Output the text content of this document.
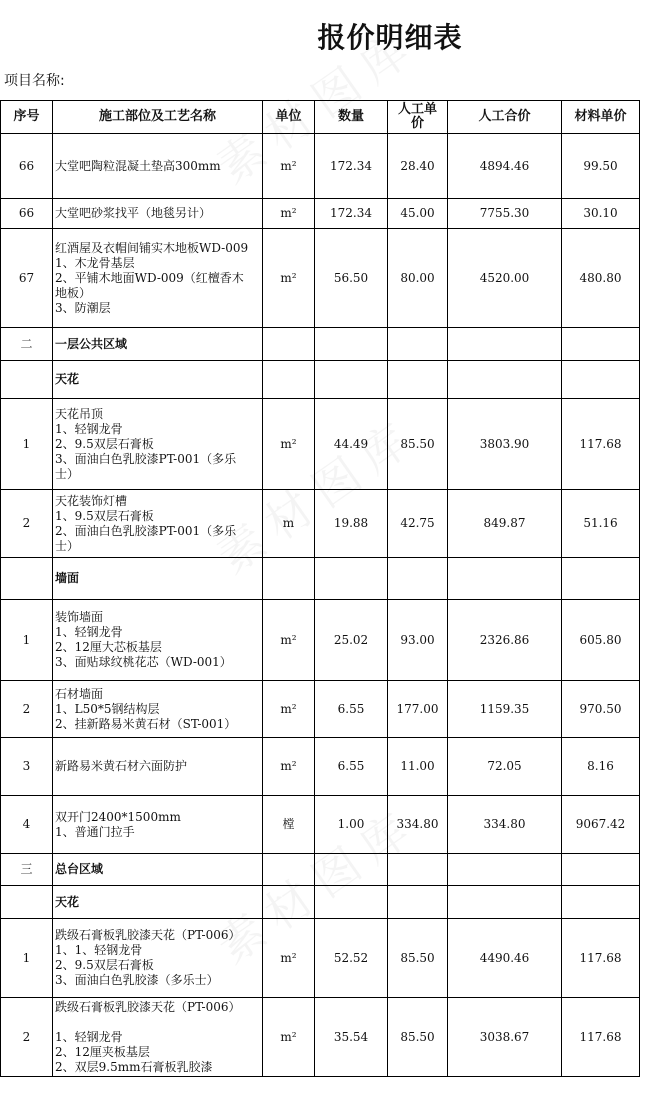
报价明细表
项目名称:
序号	施工部位及工艺名称	单位	数量	人工单价	人工合价	材料单价
66	大堂吧陶粒混凝土垫高300mm	m²	172.34	28.40	4894.46	99.50
66	大堂吧砂浆找平（地毯另计）	m²	172.34	45.00	7755.30	30.10
67	红酒屋及衣帽间铺实木地板WD-009
1、木龙骨基层
2、平铺木地面WD-009（红檀香木
地板）
3、防潮层	m²	56.50	80.00	4520.00	480.80
二	一层公共区域					

	天花					

1	天花吊顶
1、轻钢龙骨
2、9.5双层石膏板
3、面油白色乳胶漆PT-001（多乐
士）	m²	44.49	85.50	3803.90	117.68
2	天花装饰灯槽
1、9.5双层石膏板
2、面油白色乳胶漆PT-001（多乐
士）	m	19.88	42.75	849.87	51.16

	墙面					

1	装饰墙面
1、轻钢龙骨
2、12厘大芯板基层
3、面贴球纹桃花芯（WD-001）	m²	25.02	93.00	2326.86	605.80
2	石材墙面
1、L50*5钢结构层
2、挂新路易米黄石材（ST-001）	m²	6.55	177.00	1159.35	970.50
3	新路易米黄石材六面防护	m²	6.55	11.00	72.05	8.16
4	双开门2400*1500mm
1、普通门拉手	樘	1.00	334.80	334.80	9067.42
三	总台区域					

	天花					

1	跌级石膏板乳胶漆天花（PT-006）
1、1、轻钢龙骨
2、9.5双层石膏板
3、面油白色乳胶漆（多乐士）	m²	52.52	85.50	4490.46	117.68
2	跌级石膏板乳胶漆天花（PT-006）

1、轻钢龙骨
2、12厘夹板基层
2、双层9.5mm石膏板乳胶漆	m²	35.54	85.50	3038.67	117.68
